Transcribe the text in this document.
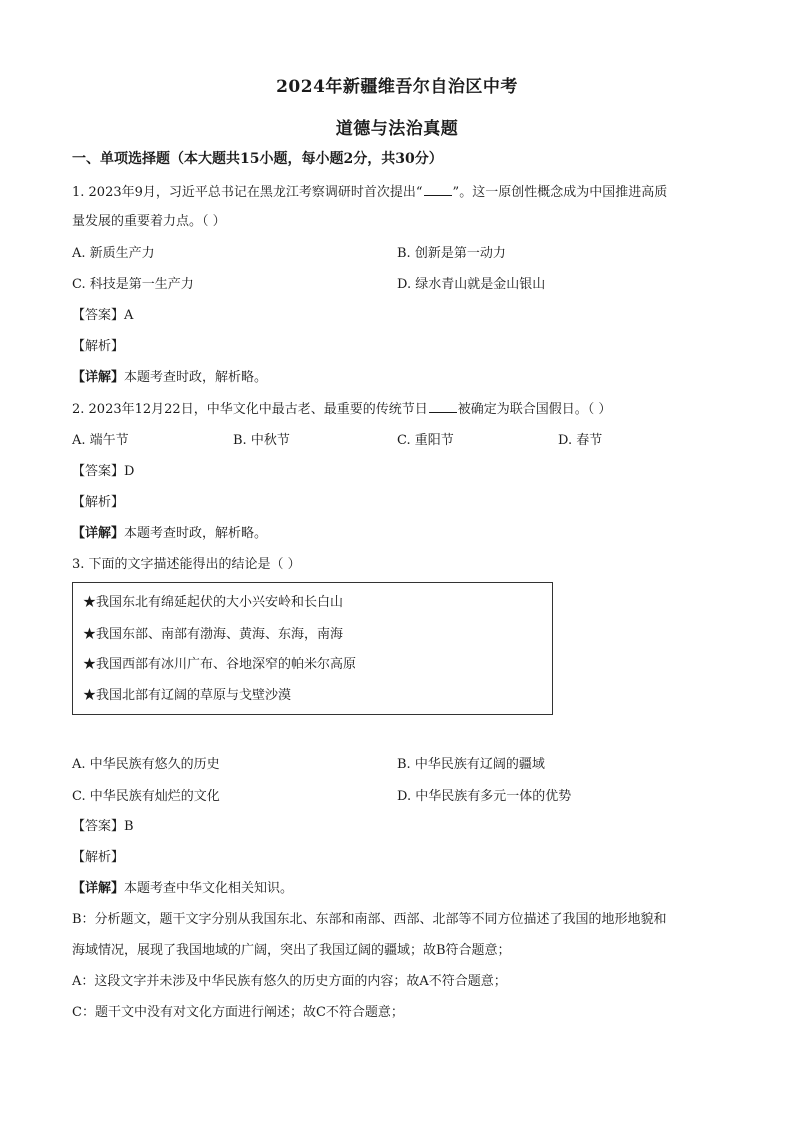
2024年新疆维吾尔自治区中考
道德与法治真题
一、单项选择题（本大题共15小题，每小题2分，共30分）
1. 2023年9月，习近平总书记在黑龙江考察调研时首次提出“ ”。这一原创性概念成为中国推进高质
量发展的重要着力点。（ ）
A. 新质生产力	B. 创新是第一动力
C. 科技是第一生产力	D. 绿水青山就是金山银山
【答案】A
【解析】
【详解】本题考查时政，解析略。
2. 2023年12月22日，中华文化中最古老、最重要的传统节日 被确定为联合国假日。（ ）
A. 端午节	B. 中秋节	C. 重阳节	D. 春节
【答案】D
【解析】
【详解】本题考查时政，解析略。
3. 下面的文字描述能得出的结论是（ ）
★我国东北有绵延起伏的大小兴安岭和长白山
★我国东部、南部有渤海、黄海、东海，南海
★我国西部有冰川广布、谷地深窄的帕米尔高原
★我国北部有辽阔的草原与戈壁沙漠
A. 中华民族有悠久的历史	B. 中华民族有辽阔的疆域
C. 中华民族有灿烂的文化	D. 中华民族有多元一体的优势
【答案】B
【解析】
【详解】本题考查中华文化相关知识。
B：分析题文，题干文字分别从我国东北、东部和南部、西部、北部等不同方位描述了我国的地形地貌和
海域情况，展现了我国地域的广阔，突出了我国辽阔的疆域；故B符合题意；
A：这段文字并未涉及中华民族有悠久的历史方面的内容；故A不符合题意；
C：题干文中没有对文化方面进行阐述；故C不符合题意；
